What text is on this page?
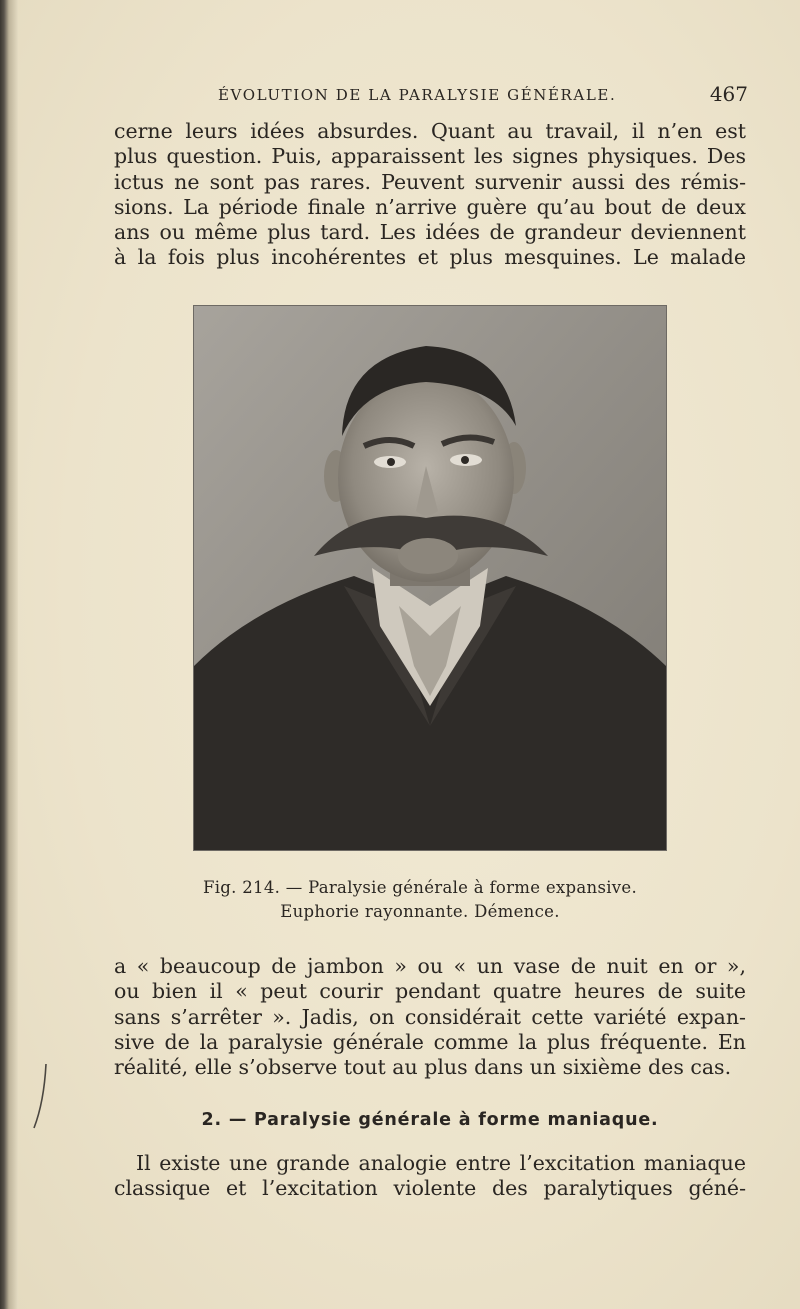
ÉVOLUTION DE LA PARALYSIE GÉNÉRALE.	467

cerne leurs idées absurdes. Quant au travail, il n’en est
plus question. Puis, apparaissent les signes physiques. Des
ictus ne sont pas rares. Peuvent survenir aussi des rémis-
sions. La période finale n’arrive guère qu’au bout de deux
ans ou même plus tard. Les idées de grandeur deviennent
à la fois plus incohérentes et plus mesquines. Le malade

Fig. 214. — Paralysie générale à forme expansive.
Euphorie rayonnante. Démence.

a « beaucoup de jambon » ou « un vase de nuit en or »,
ou bien il « peut courir pendant quatre heures de suite
sans s’arrêter ». Jadis, on considérait cette variété expan-
sive de la paralysie générale comme la plus fréquente. En
réalité, elle s’observe tout au plus dans un sixième des cas.

2. — Paralysie générale à forme maniaque.

Il existe une grande analogie entre l’excitation maniaque
classique et l’excitation violente des paralytiques géné-
